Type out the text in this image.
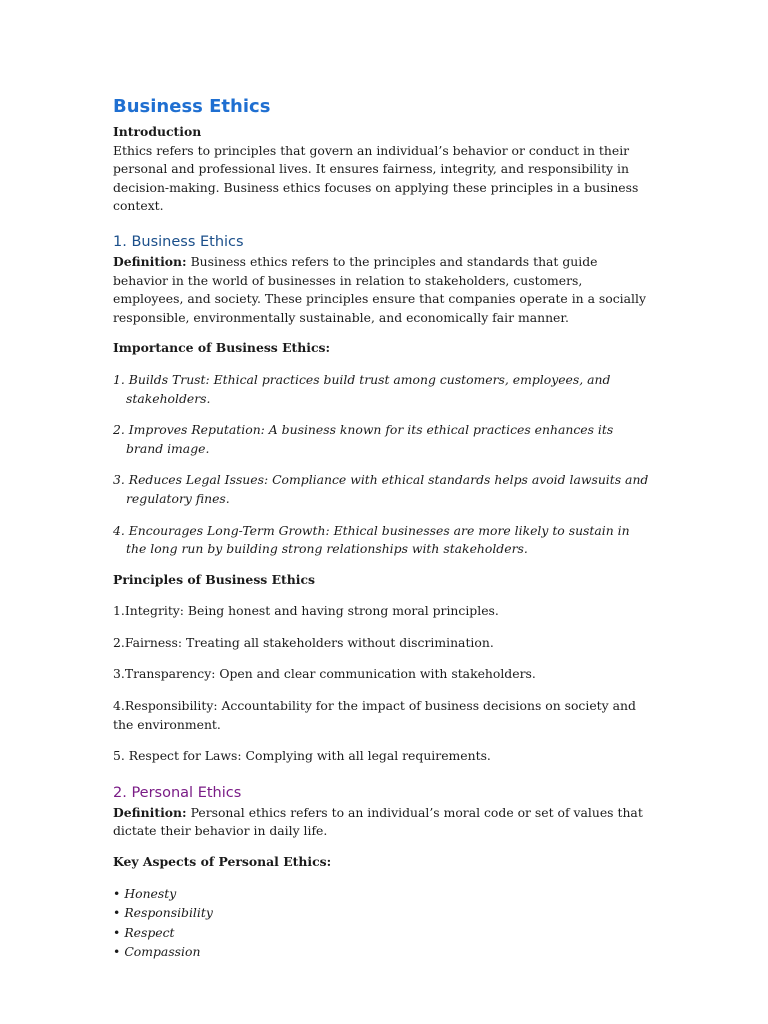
Business Ethics

Introduction

Ethics refers to principles that govern an individual’s behavior or conduct in their personal and professional lives. It ensures fairness, integrity, and responsibility in decision-making. Business ethics focuses on applying these principles in a business context.

1. Business Ethics

Definition: Business ethics refers to the principles and standards that guide behavior in the world of businesses in relation to stakeholders, customers, employees, and society. These principles ensure that companies operate in a socially responsible, environmentally sustainable, and economically fair manner.

Importance of Business Ethics:

1. Builds Trust: Ethical practices build trust among customers, employees, and stakeholders.
2. Improves Reputation: A business known for its ethical practices enhances its brand image.
3. Reduces Legal Issues: Compliance with ethical standards helps avoid lawsuits and regulatory fines.
4. Encourages Long-Term Growth: Ethical businesses are more likely to sustain in the long run by building strong relationships with stakeholders.

Principles of Business Ethics

1.Integrity: Being honest and having strong moral principles.
2.Fairness: Treating all stakeholders without discrimination.
3.Transparency: Open and clear communication with stakeholders.
4.Responsibility: Accountability for the impact of business decisions on society and the environment.
5. Respect for Laws: Complying with all legal requirements.
2. Personal Ethics

Definition: Personal ethics refers to an individual’s moral code or set of values that dictate their behavior in daily life.

Key Aspects of Personal Ethics:

• Honesty
• Responsibility
• Respect
• Compassion
